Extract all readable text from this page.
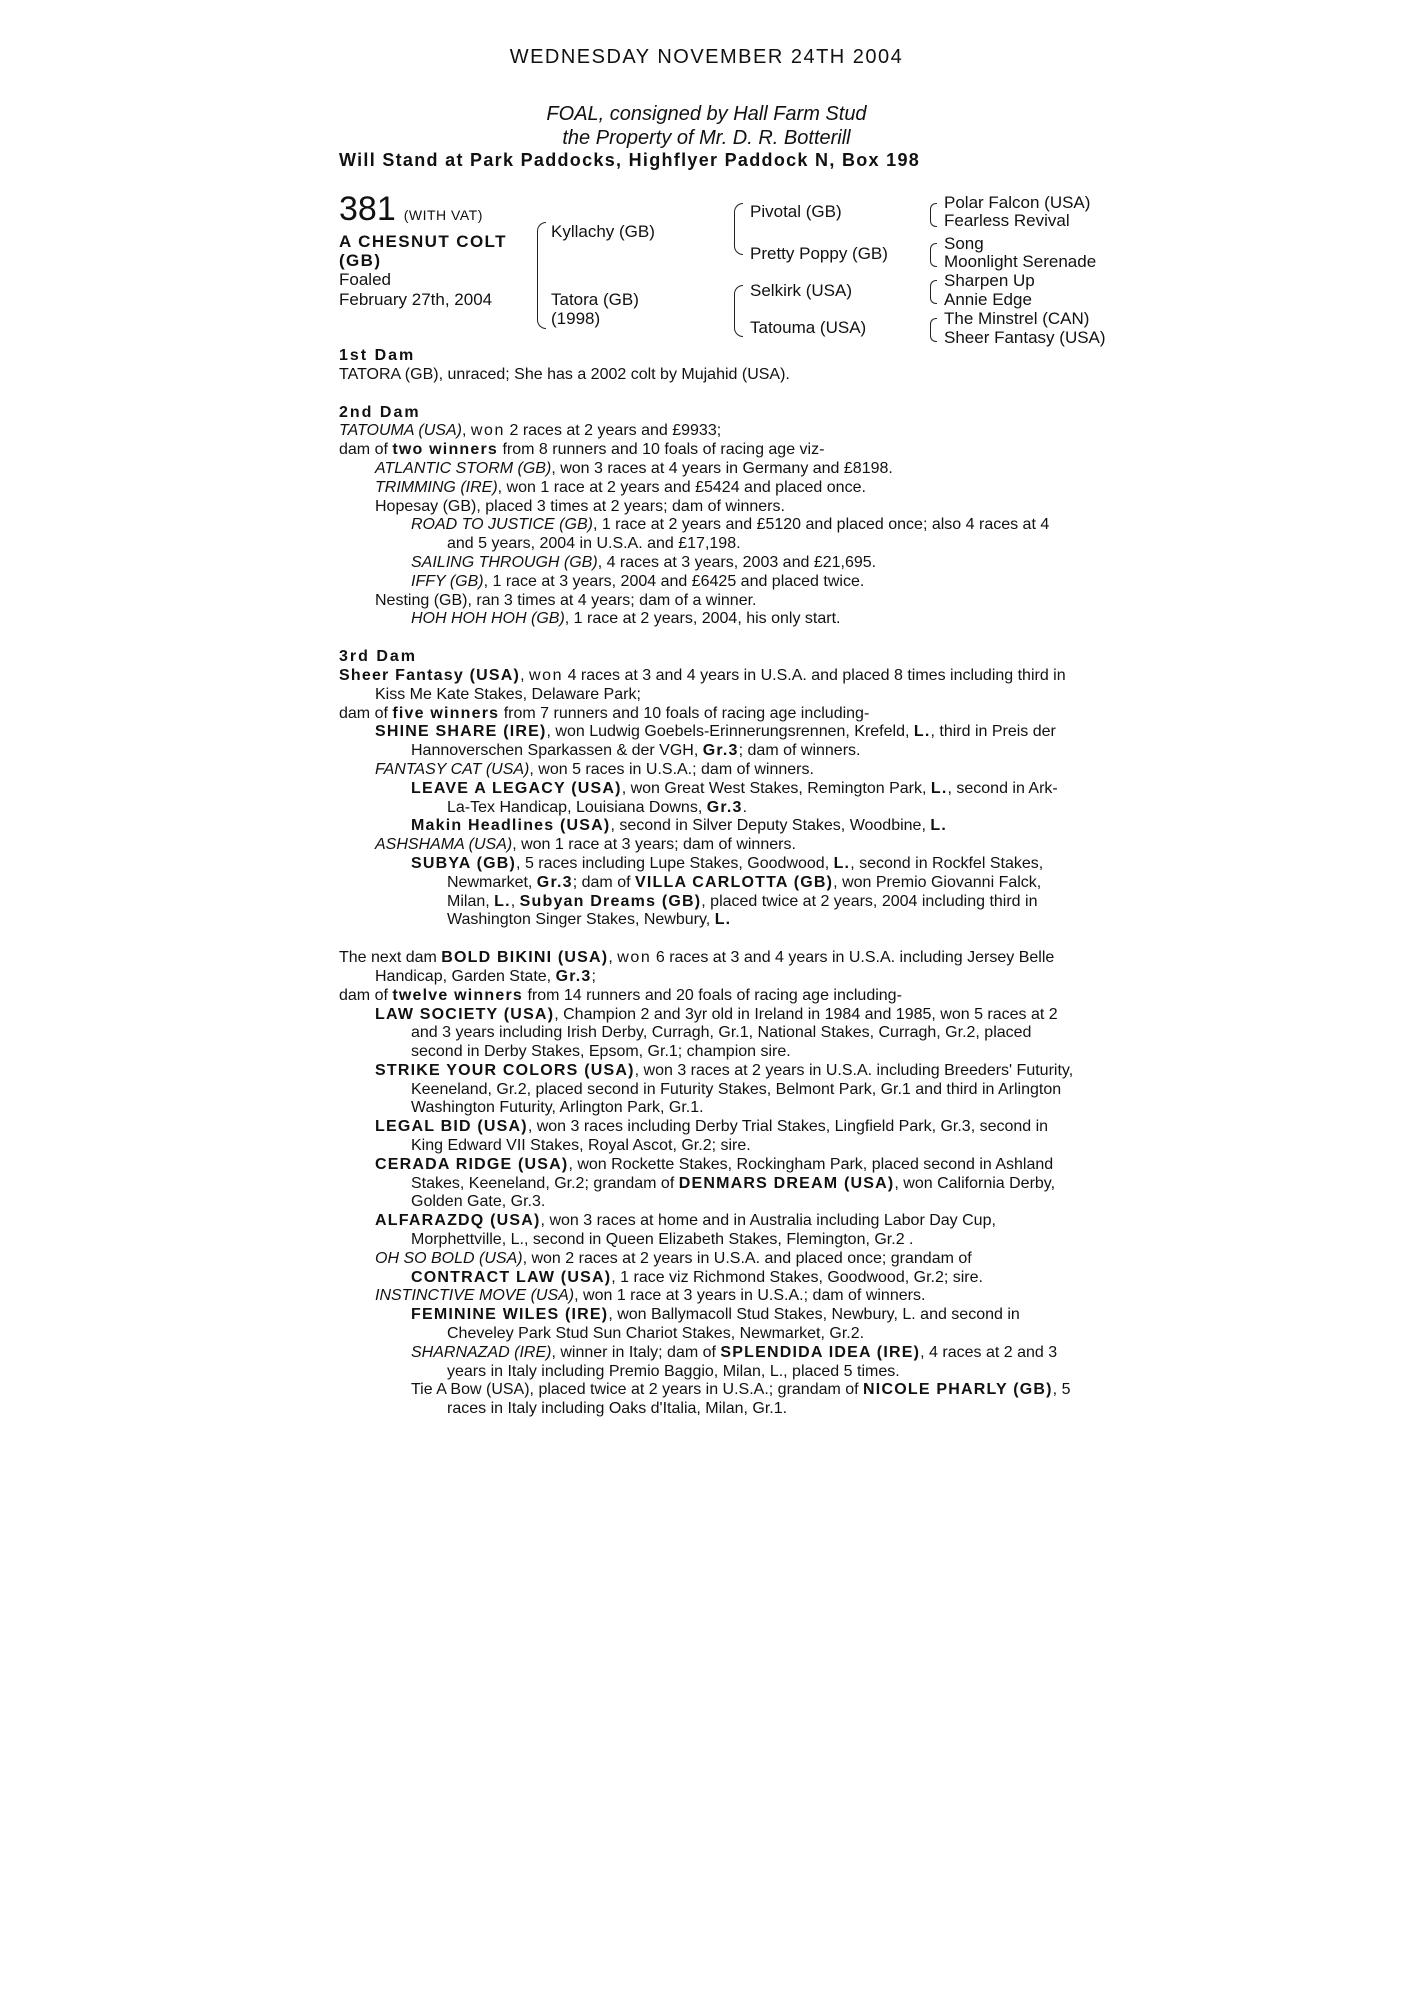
WEDNESDAY NOVEMBER 24TH 2004
FOAL, consigned by Hall Farm Stud
the Property of Mr. D. R. Botterill
Will Stand at Park Paddocks, Highflyer Paddock N, Box 198
381 (WITH VAT)
A CHESNUT COLT
(GB)
Foaled
February 27th, 2004
Kyllachy (GB)
Tatora (GB)
(1998)
Pivotal (GB)
Pretty Poppy (GB)
Selkirk (USA)
Tatouma (USA)
Polar Falcon (USA)
Fearless Revival
Song
Moonlight Serenade
Sharpen Up
Annie Edge
The Minstrel (CAN)
Sheer Fantasy (USA)
1st Dam
TATORA (GB), unraced; She has a 2002 colt by Mujahid (USA).
2nd Dam
TATOUMA (USA), won 2 races at 2 years and £9933;
dam of two winners from 8 runners and 10 foals of racing age viz-
ATLANTIC STORM (GB), won 3 races at 4 years in Germany and £8198.
TRIMMING (IRE), won 1 race at 2 years and £5424 and placed once.
Hopesay (GB), placed 3 times at 2 years; dam of winners.
ROAD TO JUSTICE (GB), 1 race at 2 years and £5120 and placed once; also 4 races at 4 and 5 years, 2004 in U.S.A. and £17,198.
SAILING THROUGH (GB), 4 races at 3 years, 2003 and £21,695.
IFFY (GB), 1 race at 3 years, 2004 and £6425 and placed twice.
Nesting (GB), ran 3 times at 4 years; dam of a winner.
HOH HOH HOH (GB), 1 race at 2 years, 2004, his only start.
3rd Dam
Sheer Fantasy (USA), won 4 races at 3 and 4 years in U.S.A. and placed 8 times including third in Kiss Me Kate Stakes, Delaware Park;
dam of five winners from 7 runners and 10 foals of racing age including-
SHINE SHARE (IRE), won Ludwig Goebels-Erinnerungsrennen, Krefeld, L., third in Preis der Hannoverschen Sparkassen & der VGH, Gr.3; dam of winners.
FANTASY CAT (USA), won 5 races in U.S.A.; dam of winners.
LEAVE A LEGACY (USA), won Great West Stakes, Remington Park, L., second in Ark-La-Tex Handicap, Louisiana Downs, Gr.3.
Makin Headlines (USA), second in Silver Deputy Stakes, Woodbine, L.
ASHSHAMA (USA), won 1 race at 3 years; dam of winners.
SUBYA (GB), 5 races including Lupe Stakes, Goodwood, L., second in Rockfel Stakes, Newmarket, Gr.3; dam of VILLA CARLOTTA (GB), won Premio Giovanni Falck, Milan, L., Subyan Dreams (GB), placed twice at 2 years, 2004 including third in Washington Singer Stakes, Newbury, L.
The next dam BOLD BIKINI (USA), won 6 races at 3 and 4 years in U.S.A. including Jersey Belle Handicap, Garden State, Gr.3;
dam of twelve winners from 14 runners and 20 foals of racing age including-
LAW SOCIETY (USA), Champion 2 and 3yr old in Ireland in 1984 and 1985, won 5 races at 2 and 3 years including Irish Derby, Curragh, Gr.1, National Stakes, Curragh, Gr.2, placed second in Derby Stakes, Epsom, Gr.1; champion sire.
STRIKE YOUR COLORS (USA), won 3 races at 2 years in U.S.A. including Breeders' Futurity, Keeneland, Gr.2, placed second in Futurity Stakes, Belmont Park, Gr.1 and third in Arlington Washington Futurity, Arlington Park, Gr.1.
LEGAL BID (USA), won 3 races including Derby Trial Stakes, Lingfield Park, Gr.3, second in King Edward VII Stakes, Royal Ascot, Gr.2; sire.
CERADA RIDGE (USA), won Rockette Stakes, Rockingham Park, placed second in Ashland Stakes, Keeneland, Gr.2; grandam of DENMARS DREAM (USA), won California Derby, Golden Gate, Gr.3.
ALFARAZDQ (USA), won 3 races at home and in Australia including Labor Day Cup, Morphettville, L., second in Queen Elizabeth Stakes, Flemington, Gr.2 .
OH SO BOLD (USA), won 2 races at 2 years in U.S.A. and placed once; grandam of CONTRACT LAW (USA), 1 race viz Richmond Stakes, Goodwood, Gr.2; sire.
INSTINCTIVE MOVE (USA), won 1 race at 3 years in U.S.A.; dam of winners.
FEMININE WILES (IRE), won Ballymacoll Stud Stakes, Newbury, L. and second in Cheveley Park Stud Sun Chariot Stakes, Newmarket, Gr.2.
SHARNAZAD (IRE), winner in Italy; dam of SPLENDIDA IDEA (IRE), 4 races at 2 and 3 years in Italy including Premio Baggio, Milan, L., placed 5 times.
Tie A Bow (USA), placed twice at 2 years in U.S.A.; grandam of NICOLE PHARLY (GB), 5 races in Italy including Oaks d'Italia, Milan, Gr.1.
